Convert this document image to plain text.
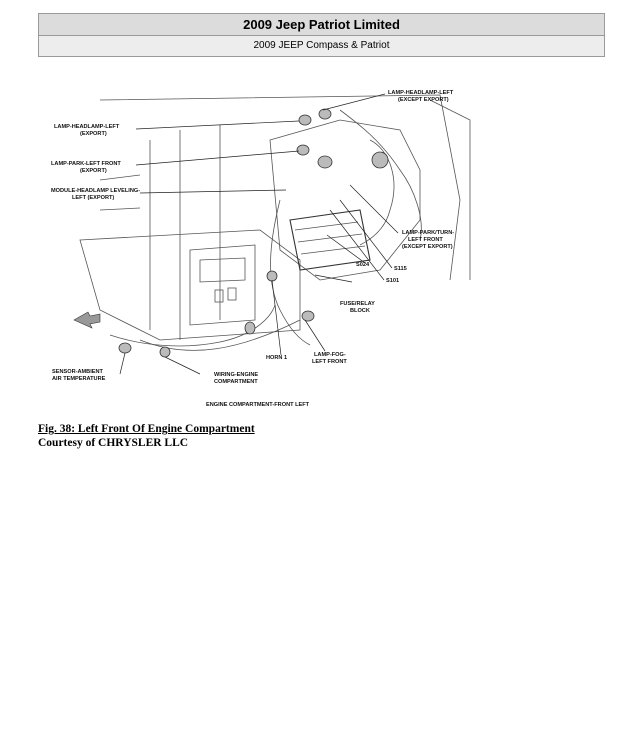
2009 Jeep Patriot Limited
2009 JEEP Compass & Patriot
LAMP-HEADLAMP-LEFT
(EXCEPT EXPORT)
LAMP-HEADLAMP-LEFT
(EXPORT)
LAMP-PARK-LEFT FRONT
(EXPORT)
MODULE-HEADLAMP LEVELING-
LEFT (EXPORT)
LAMP-PARK/TURN-
LEFT FRONT
(EXCEPT EXPORT)
S115
S101
S024
FUSE/RELAY
BLOCK
HORN 1	LAMP-FOG-
LEFT FRONT
SENSOR-AMBIENT
AIR TEMPERATURE
WIRING-ENGINE
COMPARTMENT
ENGINE COMPARTMENT-FRONT LEFT
Fig. 38: Left Front Of Engine Compartment
Courtesy of CHRYSLER LLC
